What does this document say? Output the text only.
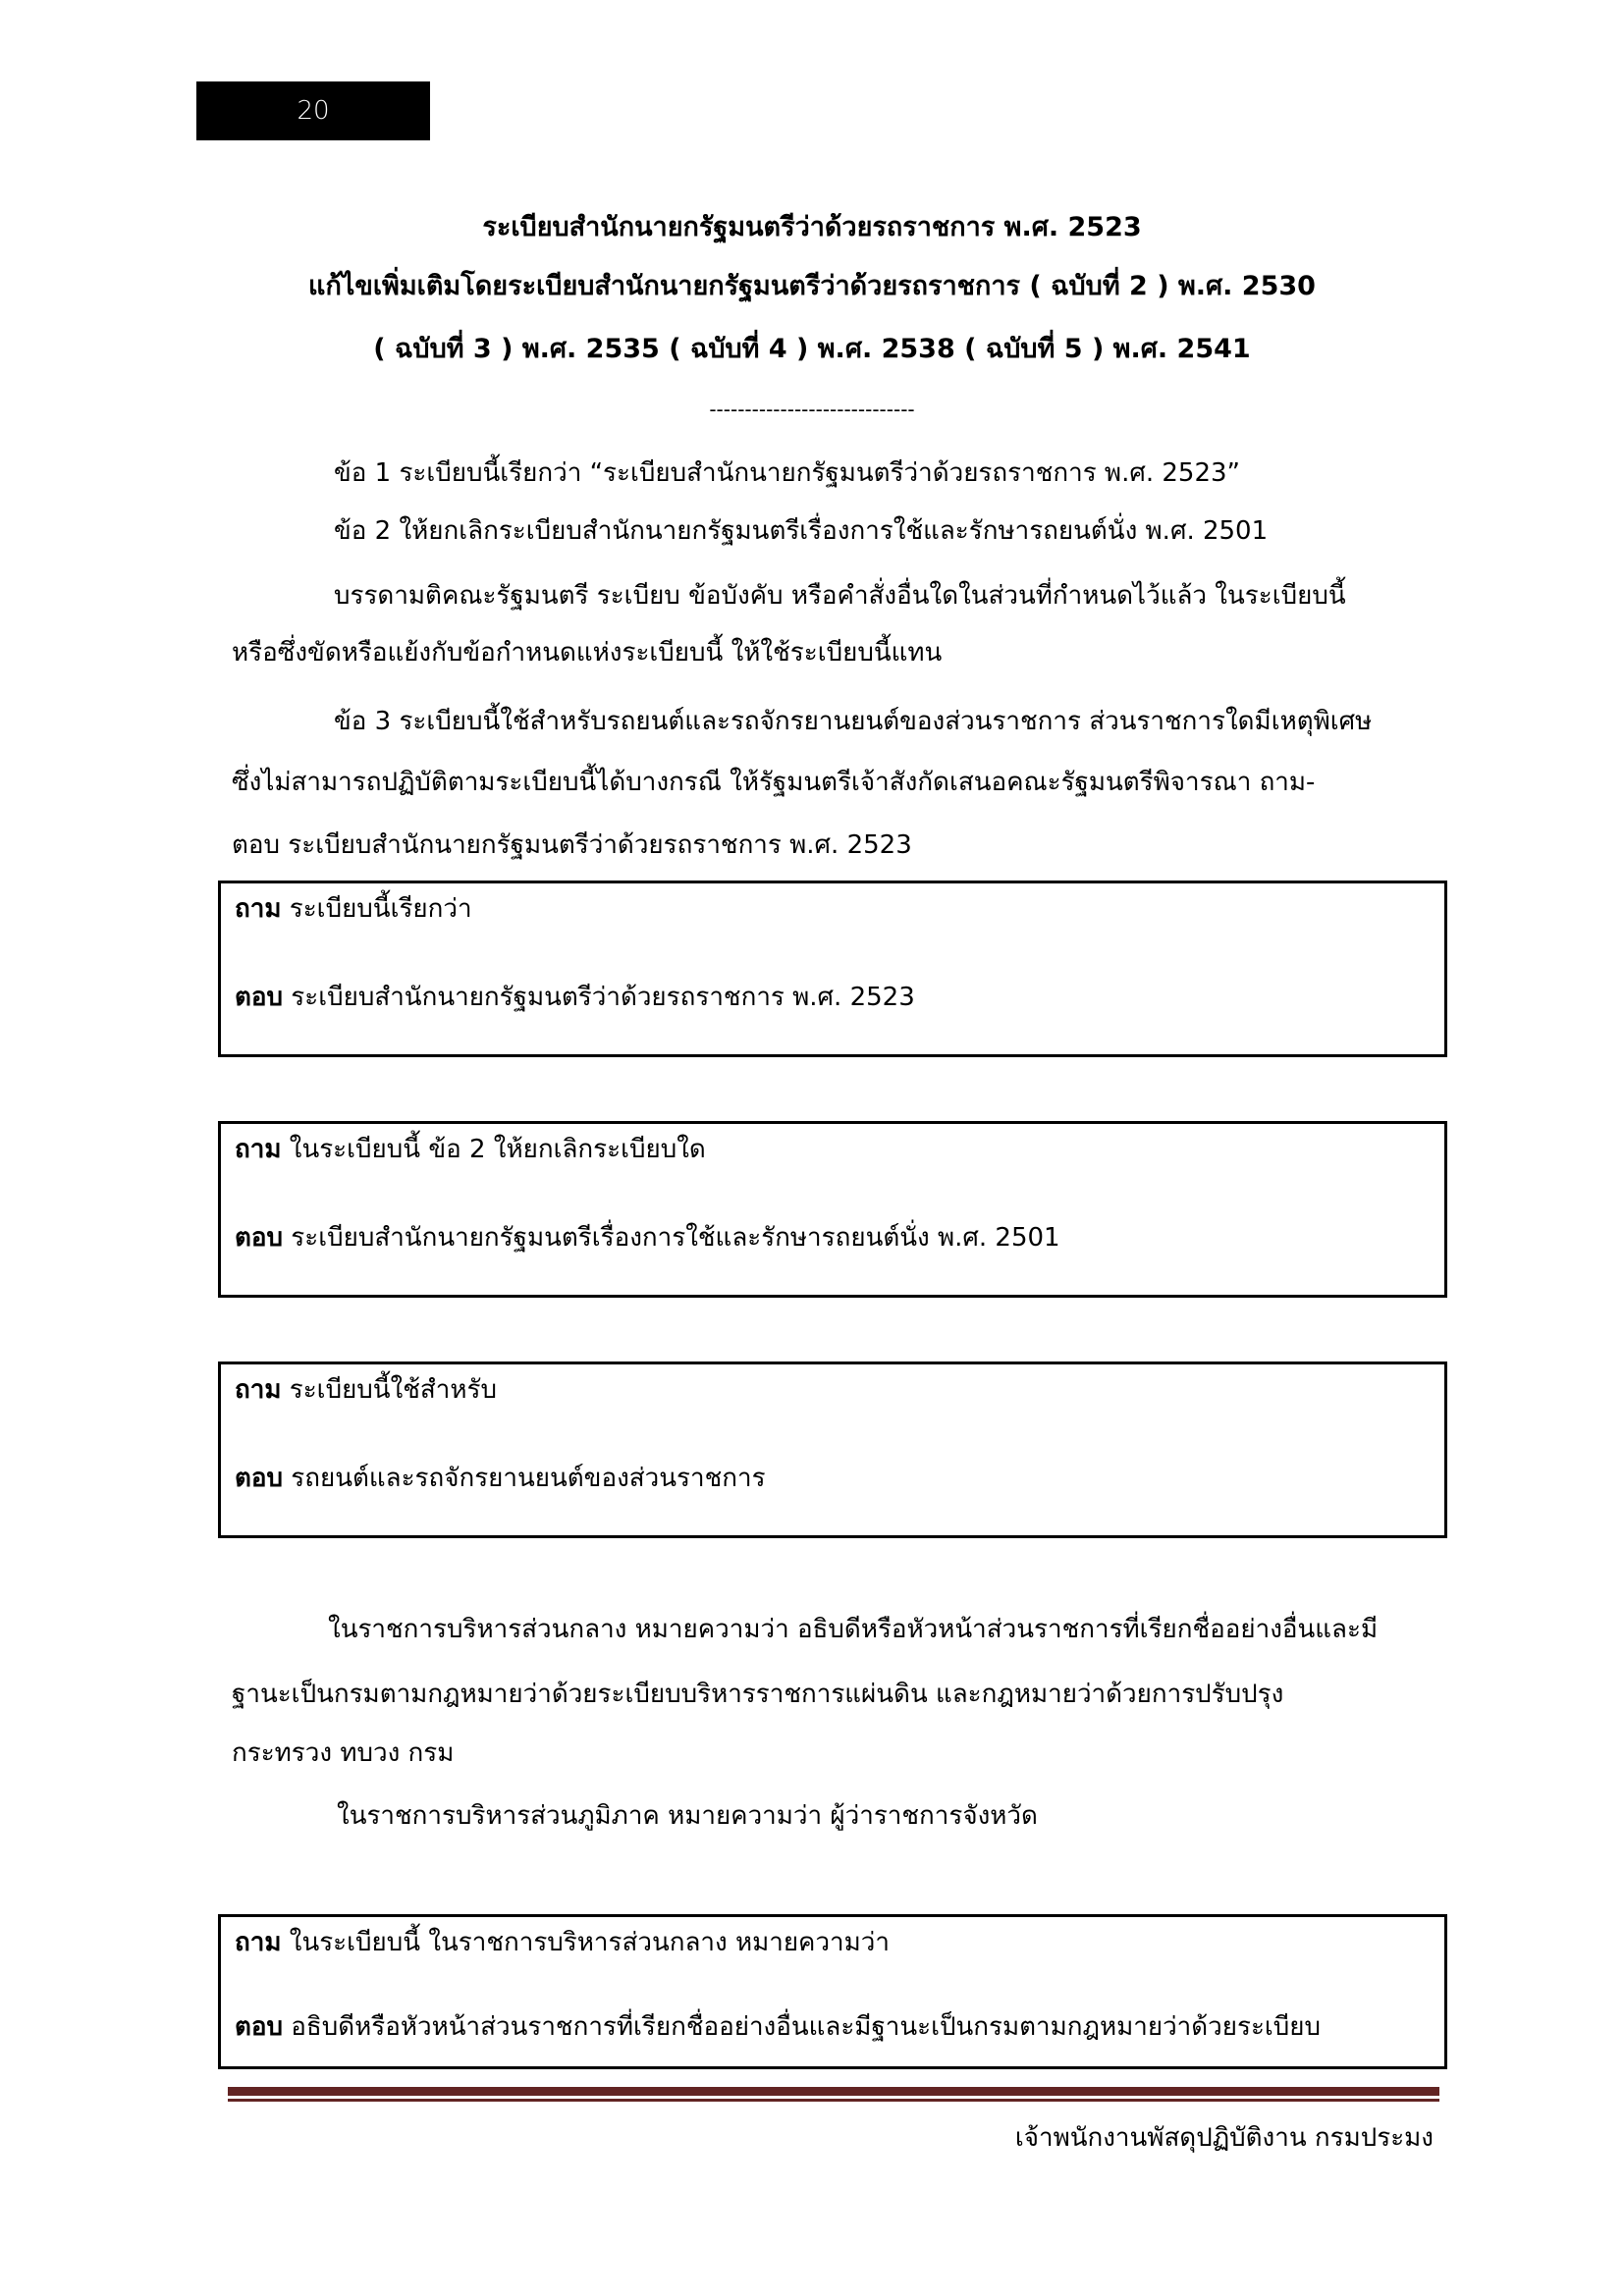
20
ระเบียบสำนักนายกรัฐมนตรีว่าด้วยรถราชการ พ.ศ. 2523
แก้ไขเพิ่มเติมโดยระเบียบสำนักนายกรัฐมนตรีว่าด้วยรถราชการ ( ฉบับที่ 2 ) พ.ศ. 2530
( ฉบับที่ 3 ) พ.ศ. 2535 ( ฉบับที่ 4 ) พ.ศ. 2538 ( ฉบับที่ 5 ) พ.ศ. 2541
-----------------------------
ข้อ 1 ระเบียบนี้เรียกว่า “ระเบียบสำนักนายกรัฐมนตรีว่าด้วยรถราชการ พ.ศ. 2523”
ข้อ 2 ให้ยกเลิกระเบียบสำนักนายกรัฐมนตรีเรื่องการใช้และรักษารถยนต์นั่ง พ.ศ. 2501
บรรดามติคณะรัฐมนตรี ระเบียบ ข้อบังคับ หรือคำสั่งอื่นใดในส่วนที่กำหนดไว้แล้ว ในระเบียบนี้
หรือซึ่งขัดหรือแย้งกับข้อกำหนดแห่งระเบียบนี้ ให้ใช้ระเบียบนี้แทน
ข้อ 3 ระเบียบนี้ใช้สำหรับรถยนต์และรถจักรยานยนต์ของส่วนราชการ ส่วนราชการใดมีเหตุพิเศษ
ซึ่งไม่สามารถปฏิบัติตามระเบียบนี้ได้บางกรณี ให้รัฐมนตรีเจ้าสังกัดเสนอคณะรัฐมนตรีพิจารณา ถาม-
ตอบ ระเบียบสำนักนายกรัฐมนตรีว่าด้วยรถราชการ พ.ศ. 2523
ถาม ระเบียบนี้เรียกว่า
ตอบ ระเบียบสำนักนายกรัฐมนตรีว่าด้วยรถราชการ พ.ศ. 2523
ถาม ในระเบียบนี้ ข้อ 2 ให้ยกเลิกระเบียบใด
ตอบ ระเบียบสำนักนายกรัฐมนตรีเรื่องการใช้และรักษารถยนต์นั่ง พ.ศ. 2501
ถาม ระเบียบนี้ใช้สำหรับ
ตอบ รถยนต์และรถจักรยานยนต์ของส่วนราชการ
ในราชการบริหารส่วนกลาง หมายความว่า อธิบดีหรือหัวหน้าส่วนราชการที่เรียกชื่ออย่างอื่นและมี
ฐานะเป็นกรมตามกฎหมายว่าด้วยระเบียบบริหารราชการแผ่นดิน และกฎหมายว่าด้วยการปรับปรุง
กระทรวง ทบวง กรม
ในราชการบริหารส่วนภูมิภาค หมายความว่า ผู้ว่าราชการจังหวัด
ถาม ในระเบียบนี้ ในราชการบริหารส่วนกลาง หมายความว่า
ตอบ อธิบดีหรือหัวหน้าส่วนราชการที่เรียกชื่ออย่างอื่นและมีฐานะเป็นกรมตามกฎหมายว่าด้วยระเบียบ
เจ้าพนักงานพัสดุปฏิบัติงาน กรมประมง
